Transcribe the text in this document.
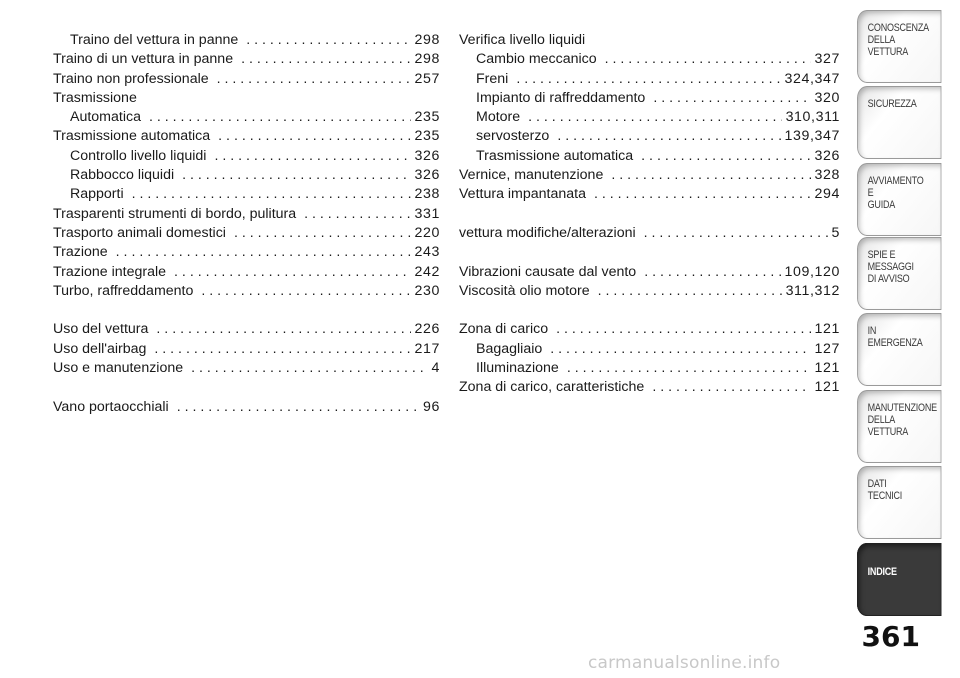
Traino del vettura in panne . . .	298
Traino di un vettura in panne . . .	298
Traino non professionale . . .	257
Trasmissione
Automatica . . .	235
Trasmissione automatica . . .	235
Controllo livello liquidi . . .	326
Rabbocco liquidi . . .	326
Rapporti . . .	238
Trasparenti strumenti di bordo, pulitura . . .	331
Trasporto animali domestici . . .	220
Trazione . . .	243
Trazione integrale . . .	242
Turbo, raffreddamento . . .	230
Uso del vettura . . .	226
Uso dell'airbag . . .	217
Uso e manutenzione . . .	4
Vano portaocchiali . . .	96
Verifica livello liquidi
Cambio meccanico . . .	327
Freni . . .	324,347
Impianto di raffreddamento . . .	320
Motore . . .	310,311
servosterzo . . .	139,347
Trasmissione automatica . . .	326
Vernice, manutenzione . . .	328
Vettura impantanata . . .	294
vettura modifiche/alterazioni . . .	5
Vibrazioni causate dal vento . . .	109,120
Viscosità olio motore . . .	311,312
Zona di carico . . .	121
Bagagliaio . . .	127
Illuminazione . . .	121
Zona di carico, caratteristiche . . .	121
CONOSCENZA
DELLA
VETTURA
SICUREZZA
AVVIAMENTO
E
GUIDA
SPIE E
MESSAGGI
DI AVVISO
IN
EMERGENZA
MANUTENZIONE
DELLA
VETTURA
DATI
TECNICI
INDICE
361
carmanualsonline.info
